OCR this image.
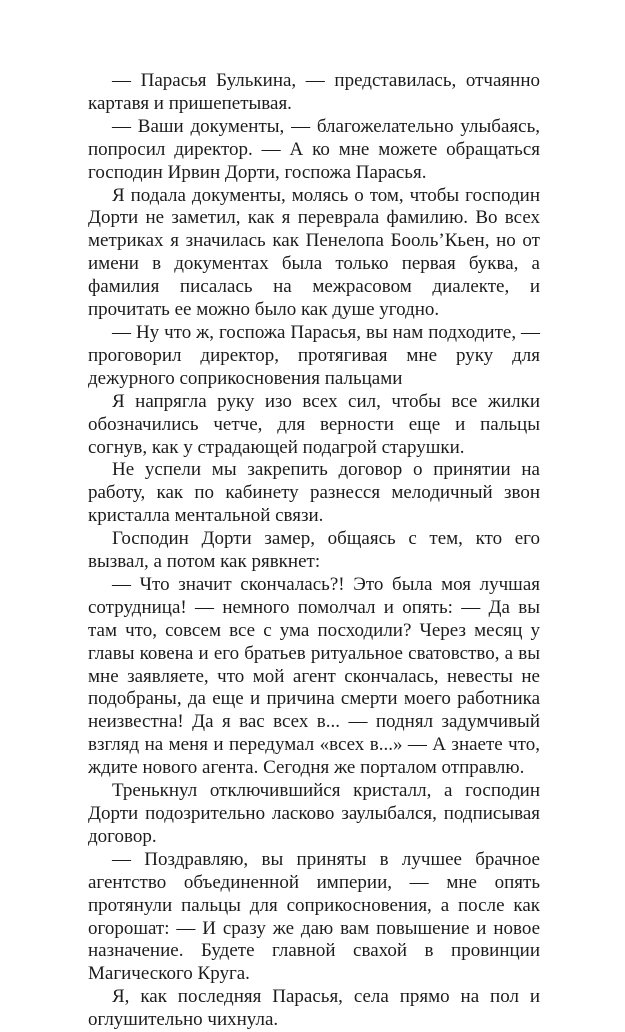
— Парасья Булькина, — представилась, отчаянно картавя и пришепетывая.

— Ваши документы, — благожелательно улыбаясь, попросил директор. — А ко мне можете обращаться господин Ирвин Дорти, госпожа Парасья.

Я подала документы, молясь о том, чтобы господин Дорти не заметил, как я переврала фамилию. Во всех метриках я значилась как Пенелопа Бооль’Кьен, но от имени в документах была только первая буква, а фамилия писалась на межрасовом диалекте, и прочитать ее можно было как душе угодно.

— Ну что ж, госпожа Парасья, вы нам подходите, — проговорил директор, протягивая мне руку для дежурного соприкосновения пальцами

Я напрягла руку изо всех сил, чтобы все жилки обозначились четче, для верности еще и пальцы согнув, как у страдающей подагрой старушки.

Не успели мы закрепить договор о принятии на работу, как по кабинету разнесся мелодичный звон кристалла ментальной связи.

Господин Дорти замер, общаясь с тем, кто его вызвал, а потом как рявкнет:

— Что значит скончалась?! Это была моя лучшая сотрудница! — немного помолчал и опять: — Да вы там что, совсем все с ума посходили? Через месяц у главы ковена и его братьев ритуальное сватовство, а вы мне заявляете, что мой агент скончалась, невесты не подобраны, да еще и причина смерти моего работника неизвестна! Да я вас всех в... — поднял задумчивый взгляд на меня и передумал «всех в...» — А знаете что, ждите нового агента. Сегодня же порталом отправлю.

Тренькнул отключившийся кристалл, а господин Дорти подозрительно ласково заулыбался, подписывая договор.

— Поздравляю, вы приняты в лучшее брачное агентство объединенной империи, — мне опять протянули пальцы для соприкосновения, а после как огорошат: — И сразу же даю вам повышение и новое назначение. Будете главной свахой в провинции Магического Круга.

Я, как последняя Парасья, села прямо на пол и оглушительно чихнула.
